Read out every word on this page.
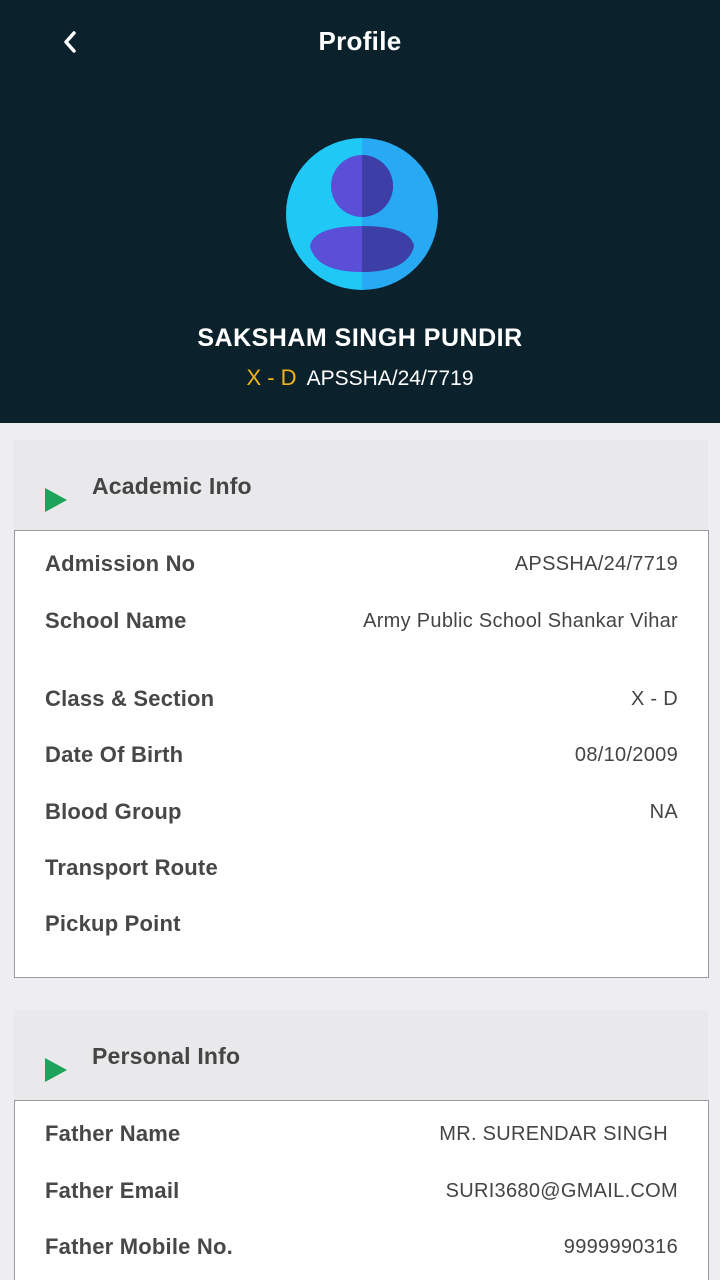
Profile
SAKSHAM SINGH PUNDIR
X - D APSSHA/24/7719
Academic Info
Admission No	APSSHA/24/7719
School Name	Army Public School Shankar Vihar
Class & Section	X - D
Date Of Birth	08/10/2009
Blood Group	NA
Transport Route
Pickup Point
Personal Info
Father Name	MR. SURENDAR SINGH
Father Email	SURI3680@GMAIL.COM
Father Mobile No.	9999990316
